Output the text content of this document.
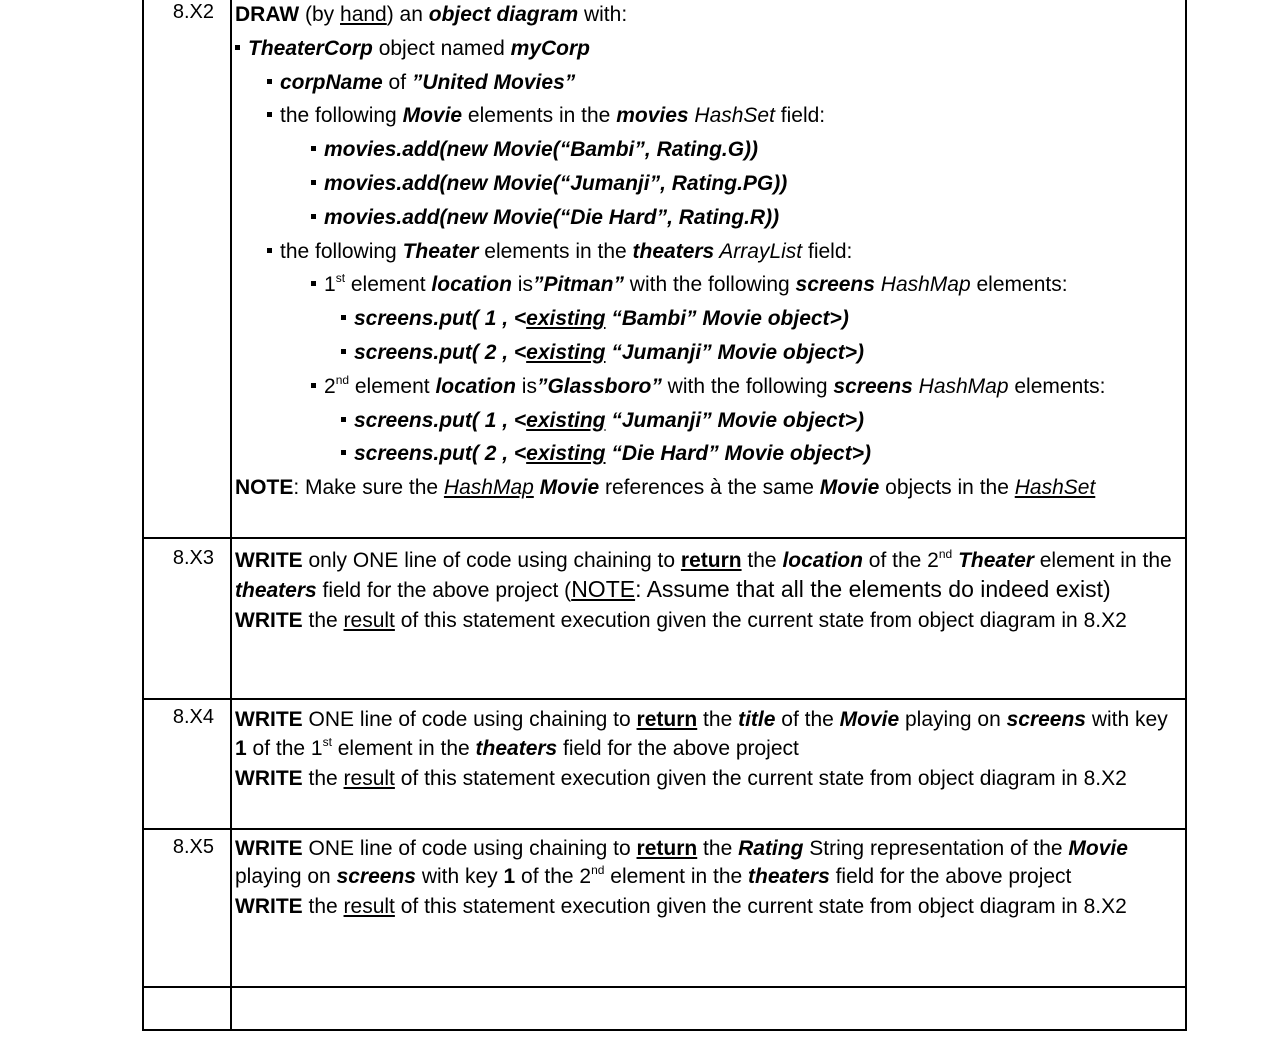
8.X2	DRAW (by hand) an object diagram with:
TheaterCorp object named myCorp
corpName of ”United Movies”
the following Movie elements in the movies HashSet field:
movies.add(new Movie(“Bambi”, Rating.G))
movies.add(new Movie(“Jumanji”, Rating.PG))
movies.add(new Movie(“Die Hard”, Rating.R))
the following Theater elements in the theaters ArrayList field:
1st element location is”Pitman” with the following screens HashMap elements:
screens.put( 1 , <existing “Bambi” Movie object>)
screens.put( 2 , <existing “Jumanji” Movie object>)
2nd element location is”Glassboro” with the following screens HashMap elements:
screens.put( 1 , <existing “Jumanji” Movie object>)
screens.put( 2 , <existing “Die Hard” Movie object>)
NOTE: Make sure the HashMap Movie references à the same Movie objects in the HashSet
8.X3	WRITE only ONE line of code using chaining to return the location of the 2nd Theater element in the theaters field for the above project (NOTE: Assume that all the elements do indeed exist)
WRITE the result of this statement execution given the current state from object diagram in 8.X2
8.X4	WRITE ONE line of code using chaining to return the title of the Movie playing on screens with key 1 of the 1st element in the theaters field for the above project
WRITE the result of this statement execution given the current state from object diagram in 8.X2
8.X5	WRITE ONE line of code using chaining to return the Rating String representation of the Movie playing on screens with key 1 of the 2nd element in the theaters field for the above project
WRITE the result of this statement execution given the current state from object diagram in 8.X2
